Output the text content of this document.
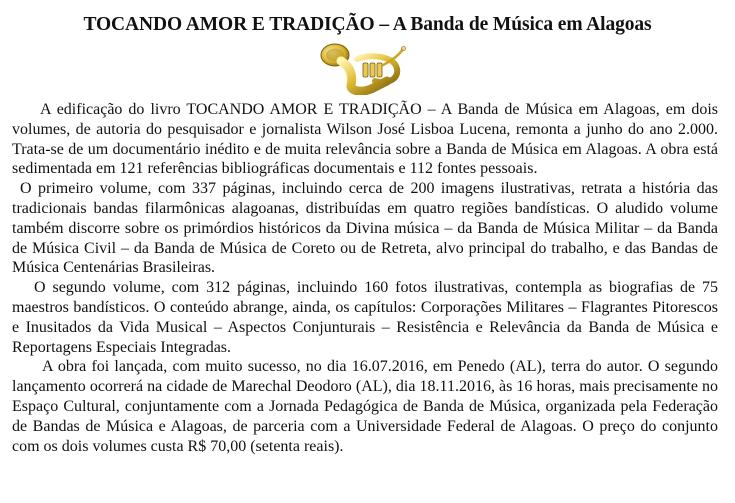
TOCANDO AMOR E TRADIÇÃO – A Banda de Música em Alagoas

A edificação do livro TOCANDO AMOR E TRADIÇÃO – A Banda de Música em Alagoas, em dois volumes, de autoria do pesquisador e jornalista Wilson José Lisboa Lucena, remonta a junho do ano 2.000. Trata-se de um documentário inédito e de muita relevância sobre a Banda de Música em Alagoas. A obra está sedimentada em 121 referências bibliográficas documentais e 112 fontes pessoais.

O primeiro volume, com 337 páginas, incluindo cerca de 200 imagens ilustrativas, retrata a história das tradicionais bandas filarmônicas alagoanas, distribuídas em quatro regiões bandísticas. O aludido volume também discorre sobre os primórdios históricos da Divina música – da Banda de Música Militar – da Banda de Música Civil – da Banda de Música de Coreto ou de Retreta, alvo principal do trabalho, e das Bandas de Música Centenárias Brasileiras.

O segundo volume, com 312 páginas, incluindo 160 fotos ilustrativas, contempla as biografias de 75 maestros bandísticos. O conteúdo abrange, ainda, os capítulos: Corporações Militares – Flagrantes Pitorescos e Inusitados da Vida Musical – Aspectos Conjunturais – Resistência e Relevância da Banda de Música e Reportagens Especiais Integradas.

A obra foi lançada, com muito sucesso, no dia 16.07.2016, em Penedo (AL), terra do autor. O segundo lançamento ocorrerá na cidade de Marechal Deodoro (AL), dia 18.11.2016, às 16 horas, mais precisamente no Espaço Cultural, conjuntamente com a Jornada Pedagógica de Banda de Música, organizada pela Federação de Bandas de Música e Alagoas, de parceria com a Universidade Federal de Alagoas. O preço do conjunto com os dois volumes custa R$ 70,00 (setenta reais).
